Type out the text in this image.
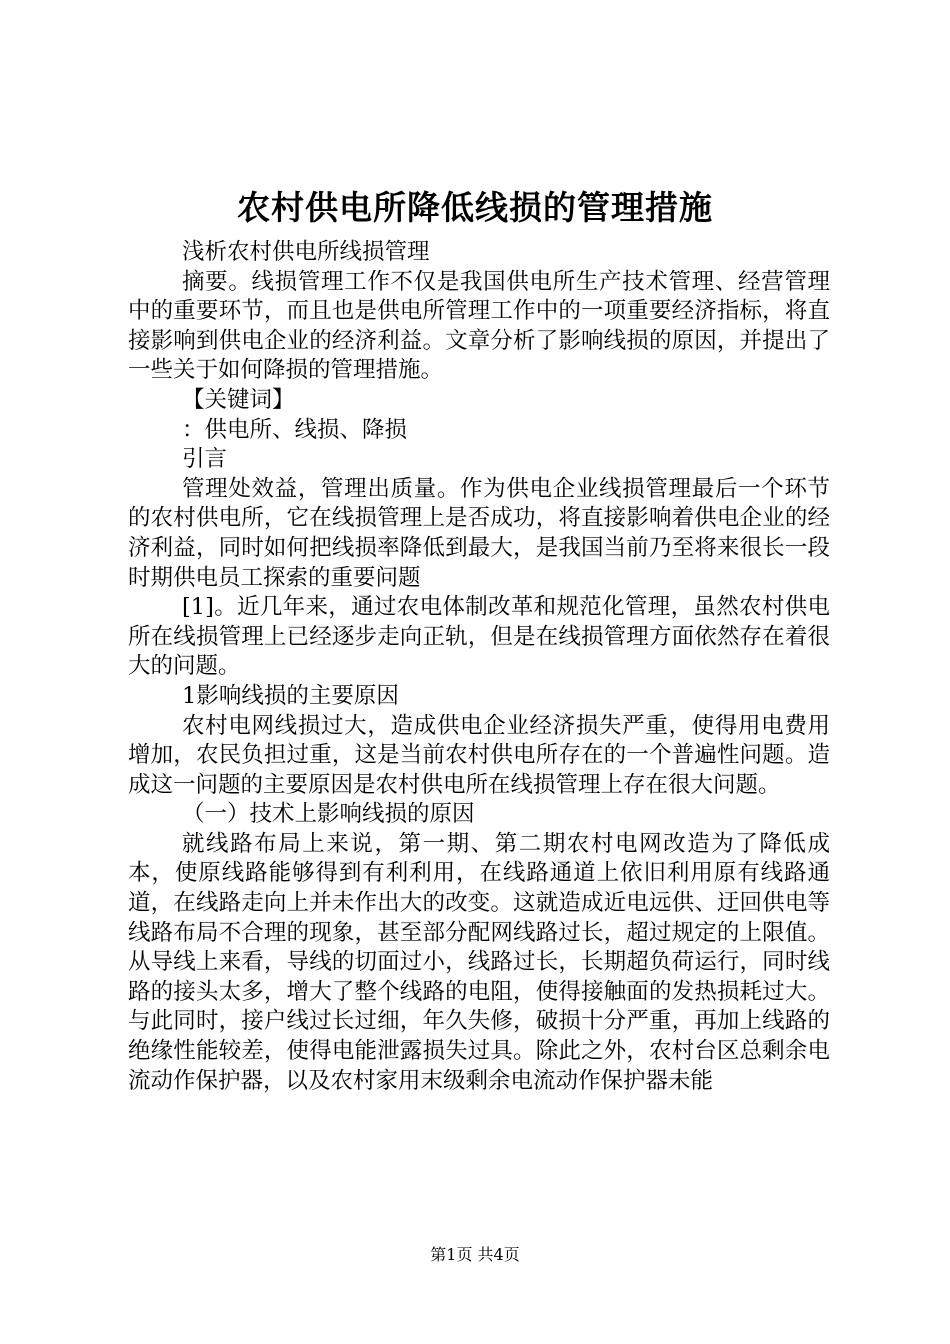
农村供电所降低线损的管理措施

浅析农村供电所线损管理

摘要。线损管理工作不仅是我国供电所生产技术管理、经营管理中的重要环节，而且也是供电所管理工作中的一项重要经济指标，将直接影响到供电企业的经济利益。文章分析了影响线损的原因，并提出了一些关于如何降损的管理措施。

【关键词】

：供电所、线损、降损

引言

管理处效益，管理出质量。作为供电企业线损管理最后一个环节的农村供电所，它在线损管理上是否成功，将直接影响着供电企业的经济利益，同时如何把线损率降低到最大，是我国当前乃至将来很长一段时期供电员工探索的重要问题

[1]。近几年来，通过农电体制改革和规范化管理，虽然农村供电所在线损管理上已经逐步走向正轨，但是在线损管理方面依然存在着很大的问题。

1影响线损的主要原因

农村电网线损过大，造成供电企业经济损失严重，使得用电费用增加，农民负担过重，这是当前农村供电所存在的一个普遍性问题。造成这一问题的主要原因是农村供电所在线损管理上存在很大问题。

（一）技术上影响线损的原因

就线路布局上来说，第一期、第二期农村电网改造为了降低成本，使原线路能够得到有利利用，在线路通道上依旧利用原有线路通道，在线路走向上并未作出大的改变。这就造成近电远供、迂回供电等线路布局不合理的现象，甚至部分配网线路过长，超过规定的上限值。从导线上来看，导线的切面过小，线路过长，长期超负荷运行，同时线路的接头太多，增大了整个线路的电阻，使得接触面的发热损耗过大。与此同时，接户线过长过细，年久失修，破损十分严重，再加上线路的绝缘性能较差，使得电能泄露损失过具。除此之外，农村台区总剩余电流动作保护器，以及农村家用末级剩余电流动作保护器未能

第1页 共4页
